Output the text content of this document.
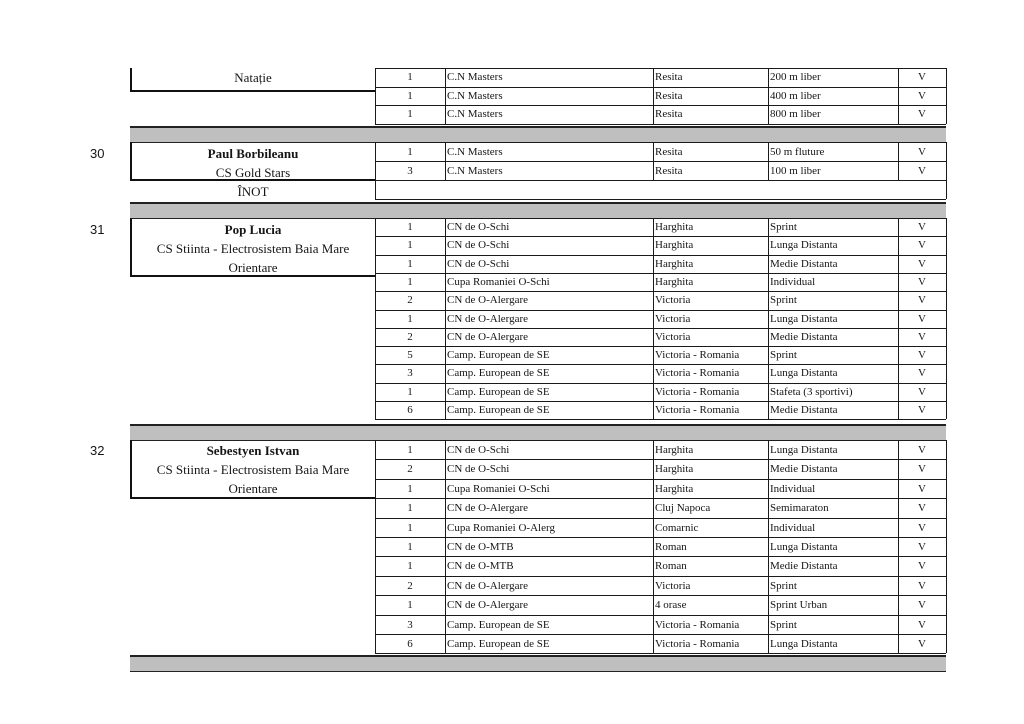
Natație	1	C.N Masters	Resita	200 m liber	V
1	C.N Masters	Resita	400 m liber	V
1	C.N Masters	Resita	800 m liber	V
30	Paul Borbileanu
CS Gold Stars
ÎNOT
1	C.N Masters	Resita	50 m fluture	V
3	C.N Masters	Resita	100 m liber	V
31	Pop Lucia
CS Stiinta - Electrosistem Baia Mare
Orientare
1	CN de O-Schi	Harghita	Sprint	V
1	CN de O-Schi	Harghita	Lunga Distanta	V
1	CN de O-Schi	Harghita	Medie Distanta	V
1	Cupa Romaniei O-Schi	Harghita	Individual	V
2	CN de O-Alergare	Victoria	Sprint	V
1	CN de O-Alergare	Victoria	Lunga Distanta	V
2	CN de O-Alergare	Victoria	Medie Distanta	V
5	Camp. European de SE	Victoria - Romania	Sprint	V
3	Camp. European de SE	Victoria - Romania	Lunga Distanta	V
1	Camp. European de SE	Victoria - Romania	Stafeta (3 sportivi)	V
6	Camp. European de SE	Victoria - Romania	Medie Distanta	V
32	Sebestyen Istvan
CS Stiinta - Electrosistem Baia Mare
Orientare
1	CN de O-Schi	Harghita	Lunga Distanta	V
2	CN de O-Schi	Harghita	Medie Distanta	V
1	Cupa Romaniei O-Schi	Harghita	Individual	V
1	CN de O-Alergare	Cluj Napoca	Semimaraton	V
1	Cupa Romaniei O-Alerg	Comarnic	Individual	V
1	CN de O-MTB	Roman	Lunga Distanta	V
1	CN de O-MTB	Roman	Medie Distanta	V
2	CN de O-Alergare	Victoria	Sprint	V
1	CN de O-Alergare	4 orase	Sprint Urban	V
3	Camp. European de SE	Victoria - Romania	Sprint	V
6	Camp. European de SE	Victoria - Romania	Lunga Distanta	V
